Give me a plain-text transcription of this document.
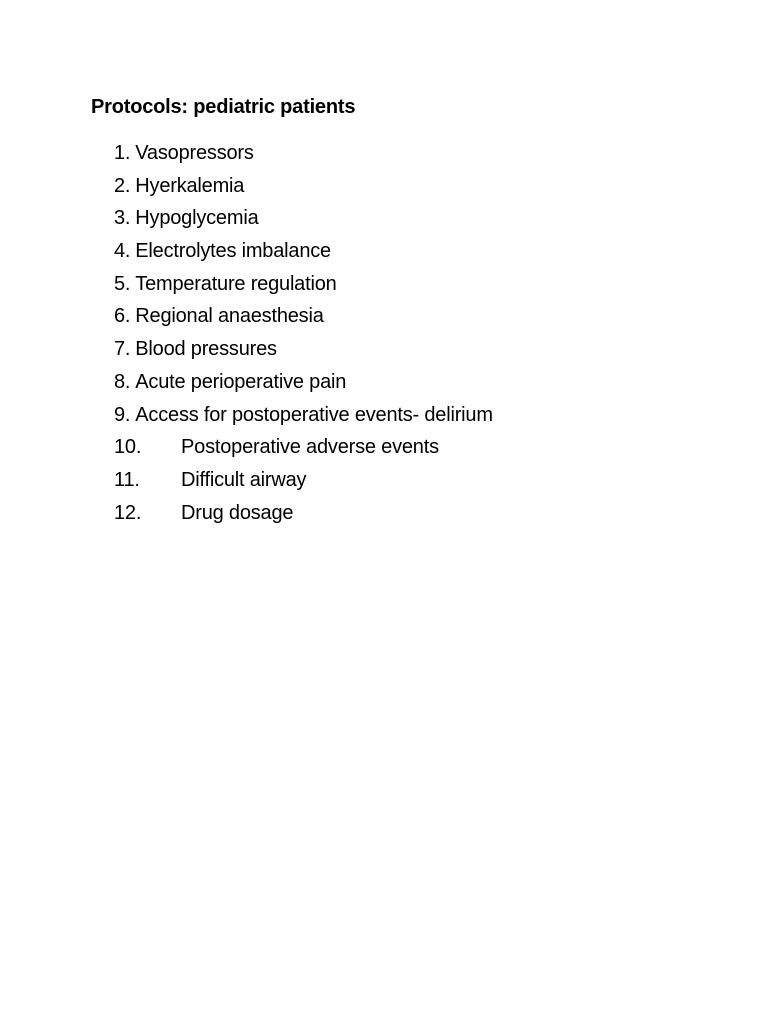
Protocols: pediatric patients
1. Vasopressors
2. Hyerkalemia
3. Hypoglycemia
4. Electrolytes imbalance
5. Temperature regulation
6. Regional anaesthesia
7. Blood pressures
8. Acute perioperative pain
9. Access for postoperative events- delirium
10.	Postoperative adverse events
11.	Difficult airway
12.	Drug dosage
